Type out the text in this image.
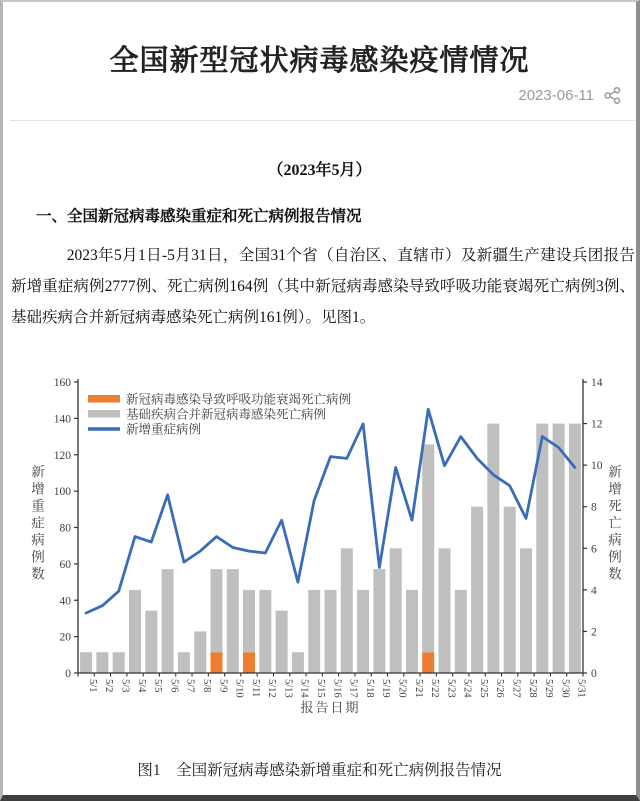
全国新型冠状病毒感染疫情情况
2023-06-11
（2023年5月）
一、全国新冠病毒感染重症和死亡病例报告情况

2023年5月1日-5月31日，全国31个省（自治区、直辖市）及新疆生产建设兵团报告新增重症病例2777例、死亡病例164例（其中新冠病毒感染导致呼吸功能衰竭死亡病例3例、基础疾病合并新冠病毒感染死亡病例161例）。见图1。

0
20
40
60
80
100
120
140
160
0
2
4
6
8
10
12
14
5/1 5/2 5/3 5/4 5/5 5/6 5/7 5/8 5/9 5/10 5/11 5/12 5/13 5/14 5/15 5/16 5/17 5/18 5/19 5/20 5/21 5/22 5/23 5/24 5/25 5/26 5/27 5/28 5/29 5/30 5/31
报告日期
新
增
重
症
病
例
数
新
增
死
亡
病
例
数
新冠病毒感染导致呼吸功能衰竭死亡病例
基础疾病合并新冠病毒感染死亡病例
新增重症病例
图1　全国新冠病毒感染新增重症和死亡病例报告情况
